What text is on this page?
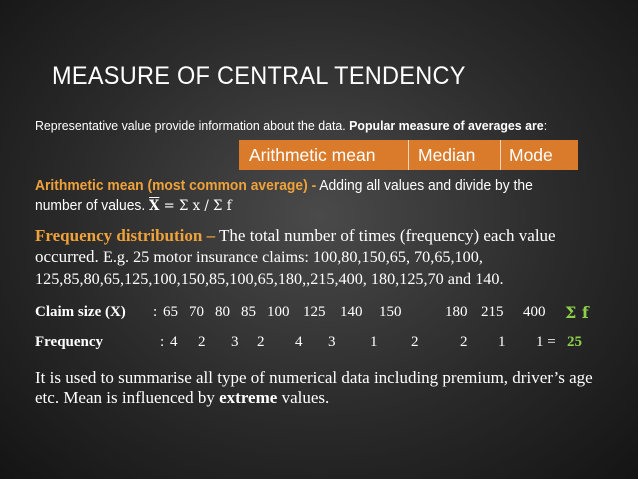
MEASURE OF CENTRAL TENDENCY
Representative value provide information about the data. Popular measure of averages are:
Arithmetic mean	Median	Mode
Arithmetic mean (most common average) - Adding all values and divide by the number of values. $\overline{X} = \Sigma$ x / Σ f
Frequency distribution – The total number of times (frequency) each value occurred. E.g. 25 motor insurance claims: 100,80,150,65, 70,65,100, 125,85,80,65,125,100,150,85,100,65,180,,215,400, 180,125,70 and 140.
Claim size (X) : 65 70 80 85 100 125 140 150	180 215 400 Σ f
Frequency	: 4 2 3 2 4 3 1 2	2 1 1 = 25
It is used to summarise all type of numerical data including premium, driver’s age etc. Mean is influenced by extreme values.
